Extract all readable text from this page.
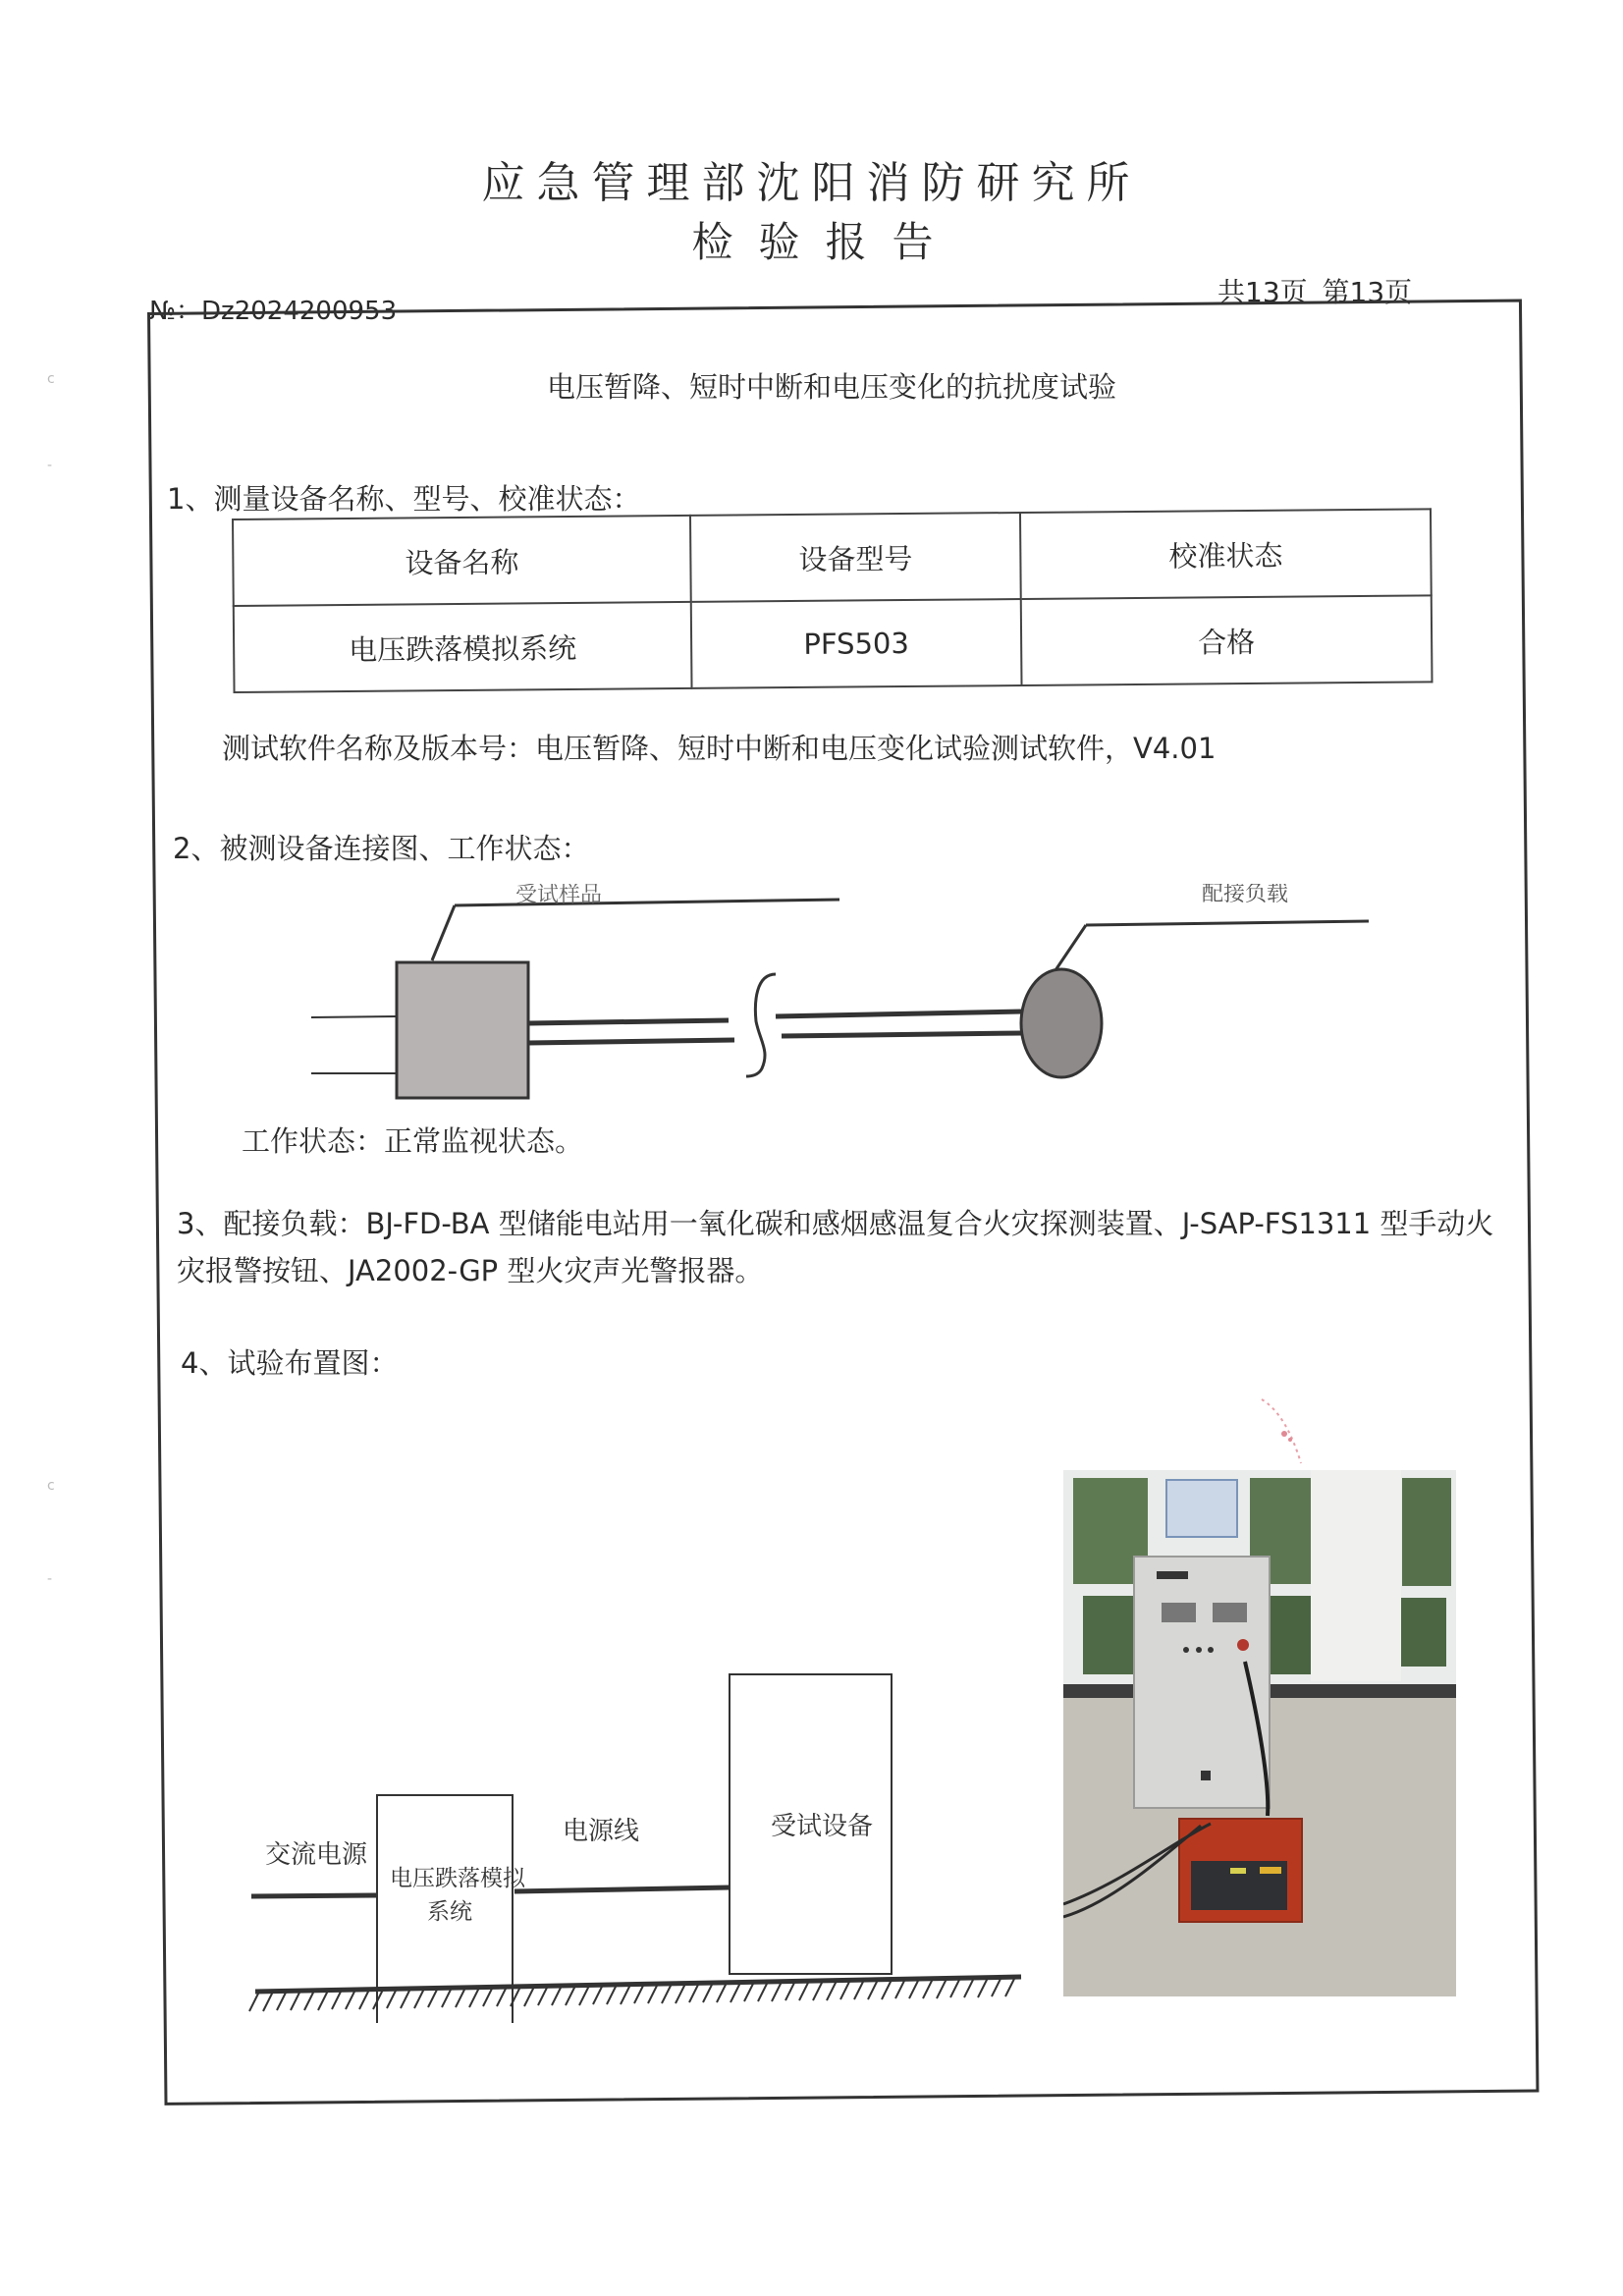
c
-
c
-
应急管理部沈阳消防研究所
检验报告
№：Dz2024200953
共13页 第13页
电压暂降、短时中断和电压变化的抗扰度试验
1、测量设备名称、型号、校准状态：
设备名称	设备型号	校准状态
电压跌落模拟系统	PFS503	合格
测试软件名称及版本号：电压暂降、短时中断和电压变化试验测试软件，V4.01
2、被测设备连接图、工作状态：
受试样品	配接负载
工作状态：正常监视状态。
3、配接负载：BJ-FD-BA 型储能电站用一氧化碳和感烟感温复合火灾探测装置、J-SAP-FS1311 型手动火灾报警按钮、JA2002-GP 型火灾声光警报器。
4、试验布置图：
交流电源
电压跌落模拟
系统
电源线	受试设备
